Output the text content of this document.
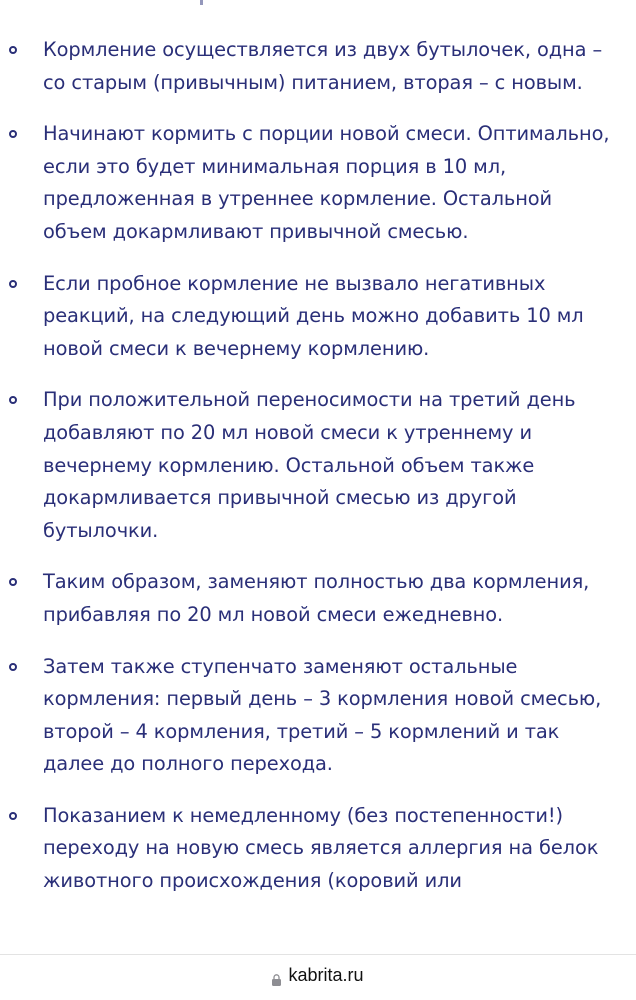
Кормление осуществляется из двух бутылочек, одна – со старым (привычным) питанием, вторая – с новым.
Начинают кормить с порции новой смеси. Оптимально, если это будет минимальная порция в 10 мл, предложенная в утреннее кормление. Остальной объем докармливают привычной смесью.
Если пробное кормление не вызвало негативных реакций, на следующий день можно добавить 10 мл новой смеси к вечернему кормлению.
При положительной переносимости на третий день добавляют по 20 мл новой смеси к утреннему и вечернему кормлению. Остальной объем также докармливается привычной смесью из другой бутылочки.
Таким образом, заменяют полностью два кормления, прибавляя по 20 мл новой смеси ежедневно.
Затем также ступенчато заменяют остальные кормления: первый день – 3 кормления новой смесью, второй – 4 кормления, третий – 5 кормлений и так далее до полного перехода.
Показанием к немедленному (без постепенности!) переходу на новую смесь является аллергия на белок животного происхождения (коровий или
kabrita.ru
